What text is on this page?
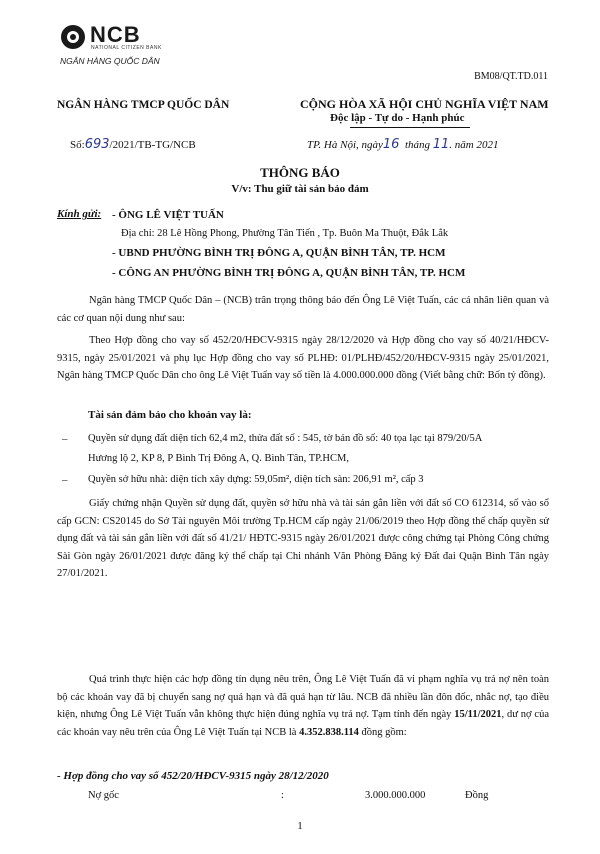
NCB
NATIONAL CITIZEN BANK
NGÂN HÀNG QUỐC DÂN
BM08/QT.TD.011
NGÂN HÀNG TMCP QUỐC DÂN	CỘNG HÒA XÃ HỘI CHỦ NGHĨA VIỆT NAM
Độc lập - Tự do - Hạnh phúc
Số:693/2021/TB-TG/NCB	TP. Hà Nội, ngày16 tháng 11. năm 2021
THÔNG BÁO
V/v: Thu giữ tài sản bảo đảm
Kính gửi: - ÔNG LÊ VIỆT TUẤN
Địa chỉ: 28 Lê Hồng Phong, Phường Tân Tiến , Tp. Buôn Ma Thuột, Đắk Lắk
- UBND PHƯỜNG BÌNH TRỊ ĐÔNG A, QUẬN BÌNH TÂN, TP. HCM
- CÔNG AN PHƯỜNG BÌNH TRỊ ĐÔNG A, QUẬN BÌNH TÂN, TP. HCM
Ngân hàng TMCP Quốc Dân – (NCB) trân trọng thông báo đến Ông Lê Việt Tuấn, các cá nhân liên quan và các cơ quan nội dung như sau:
Theo Hợp đồng cho vay số 452/20/HĐCV-9315 ngày 28/12/2020 và Hợp đồng cho vay số 40/21/HĐCV-9315, ngày 25/01/2021 và phụ lục Hợp đồng cho vay số PLHĐ: 01/PLHĐ/452/20/HĐCV-9315 ngày 25/01/2021, Ngân hàng TMCP Quốc Dân cho ông Lê Việt Tuấn vay số tiền là 4.000.000.000 đồng (Viết bằng chữ: Bốn tỷ đồng).
Tài sản đảm bảo cho khoản vay là:
– Quyền sử dụng đất diện tích 62,4 m2, thửa đất số : 545, tờ bản đồ số: 40 tọa lạc tại 879/20/5A
Hương lộ 2, KP 8, P Bình Trị Đông A, Q. Bình Tân, TP.HCM,
– Quyền sở hữu nhà: diện tích xây dựng: 59,05m², diện tích sàn: 206,91 m², cấp 3
Giấy chứng nhận Quyền sử dụng đất, quyền sở hữu nhà và tài sản gắn liền với đất số CO 612314, số vào sổ cấp GCN: CS20145 do Sở Tài nguyên Môi trường Tp.HCM cấp ngày 21/06/2019 theo Hợp đồng thế chấp quyền sử dụng đất và tài sản gắn liền với đất số 41/21/ HĐTC-9315 ngày 26/01/2021 được công chứng tại Phòng Công chứng Sài Gòn ngày 26/01/2021 được đăng ký thế chấp tại Chi nhánh Văn Phòng Đăng ký Đất đai Quận Bình Tân ngày 27/01/2021.
Quá trình thực hiện các hợp đồng tín dụng nêu trên, Ông Lê Việt Tuấn đã vi phạm nghĩa vụ trả nợ nên toàn bộ các khoản vay đã bị chuyển sang nợ quá hạn và đã quá hạn từ lâu. NCB đã nhiều lần đôn đốc, nhắc nợ, tạo điều kiện, nhưng Ông Lê Việt Tuấn vẫn không thực hiện đúng nghĩa vụ trả nợ. Tạm tính đến ngày 15/11/2021, dư nợ của các khoản vay nêu trên của Ông Lê Việt Tuấn tại NCB là 4.352.838.114 đồng gồm:
- Hợp đồng cho vay số 452/20/HĐCV-9315 ngày 28/12/2020
Nợ gốc	:	3.000.000.000	Đồng
1
